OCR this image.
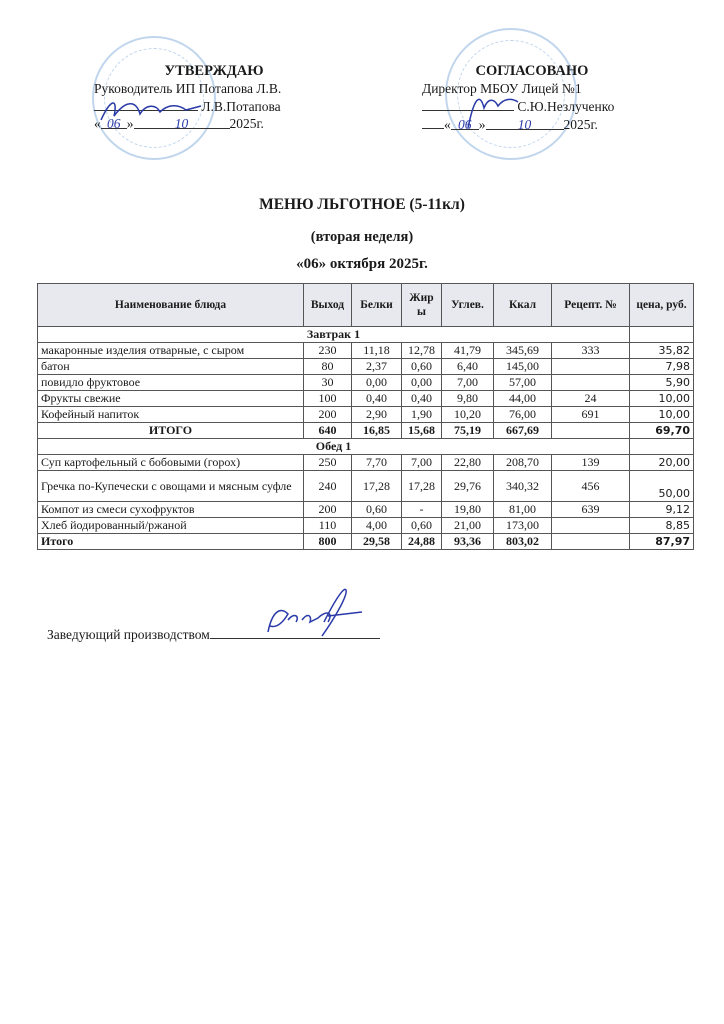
УТВЕРЖДАЮ
Руководитель ИП Потапова Л.В.
Л.В.Потапова
« 06 »	10	2025г.
СОГЛАСОВАНО
Директор МБОУ Лицей №1
С.Ю.Незлученко
« 06 » 10 2025г.
МЕНЮ ЛЬГОТНОЕ (5-11кл)
(вторая неделя)
«06» октября 2025г.
Наименование блюда	Выход	Белки	Жир ы	Углев.	Ккал	Рецепт. №	цена, руб.
Завтрак 1							
макаронные изделия отварные, с сыром	230	11,18	12,78	41,79	345,69	333	35,82
батон	80	2,37	0,60	6,40	145,00		7,98
повидло фруктовое	30	0,00	0,00	7,00	57,00		5,90
Фрукты свежие	100	0,40	0,40	9,80	44,00	24	10,00
Кофейный напиток	200	2,90	1,90	10,20	76,00	691	10,00
ИТОГО	640	16,85	15,68	75,19	667,69		69,70
Обед 1							
Суп картофельный с бобовыми (горох)	250	7,70	7,00	22,80	208,70	139	20,00
Гречка по-Купечески с овощами и мясным суфле	240	17,28	17,28	29,76	340,32	456	50,00
Компот из смеси сухофруктов	200	0,60	-	19,80	81,00	639	9,12
Хлеб йодированный/ржаной	110	4,00	0,60	21,00	173,00		8,85
Итого	800	29,58	24,88	93,36	803,02		87,97
Заведующий производством
